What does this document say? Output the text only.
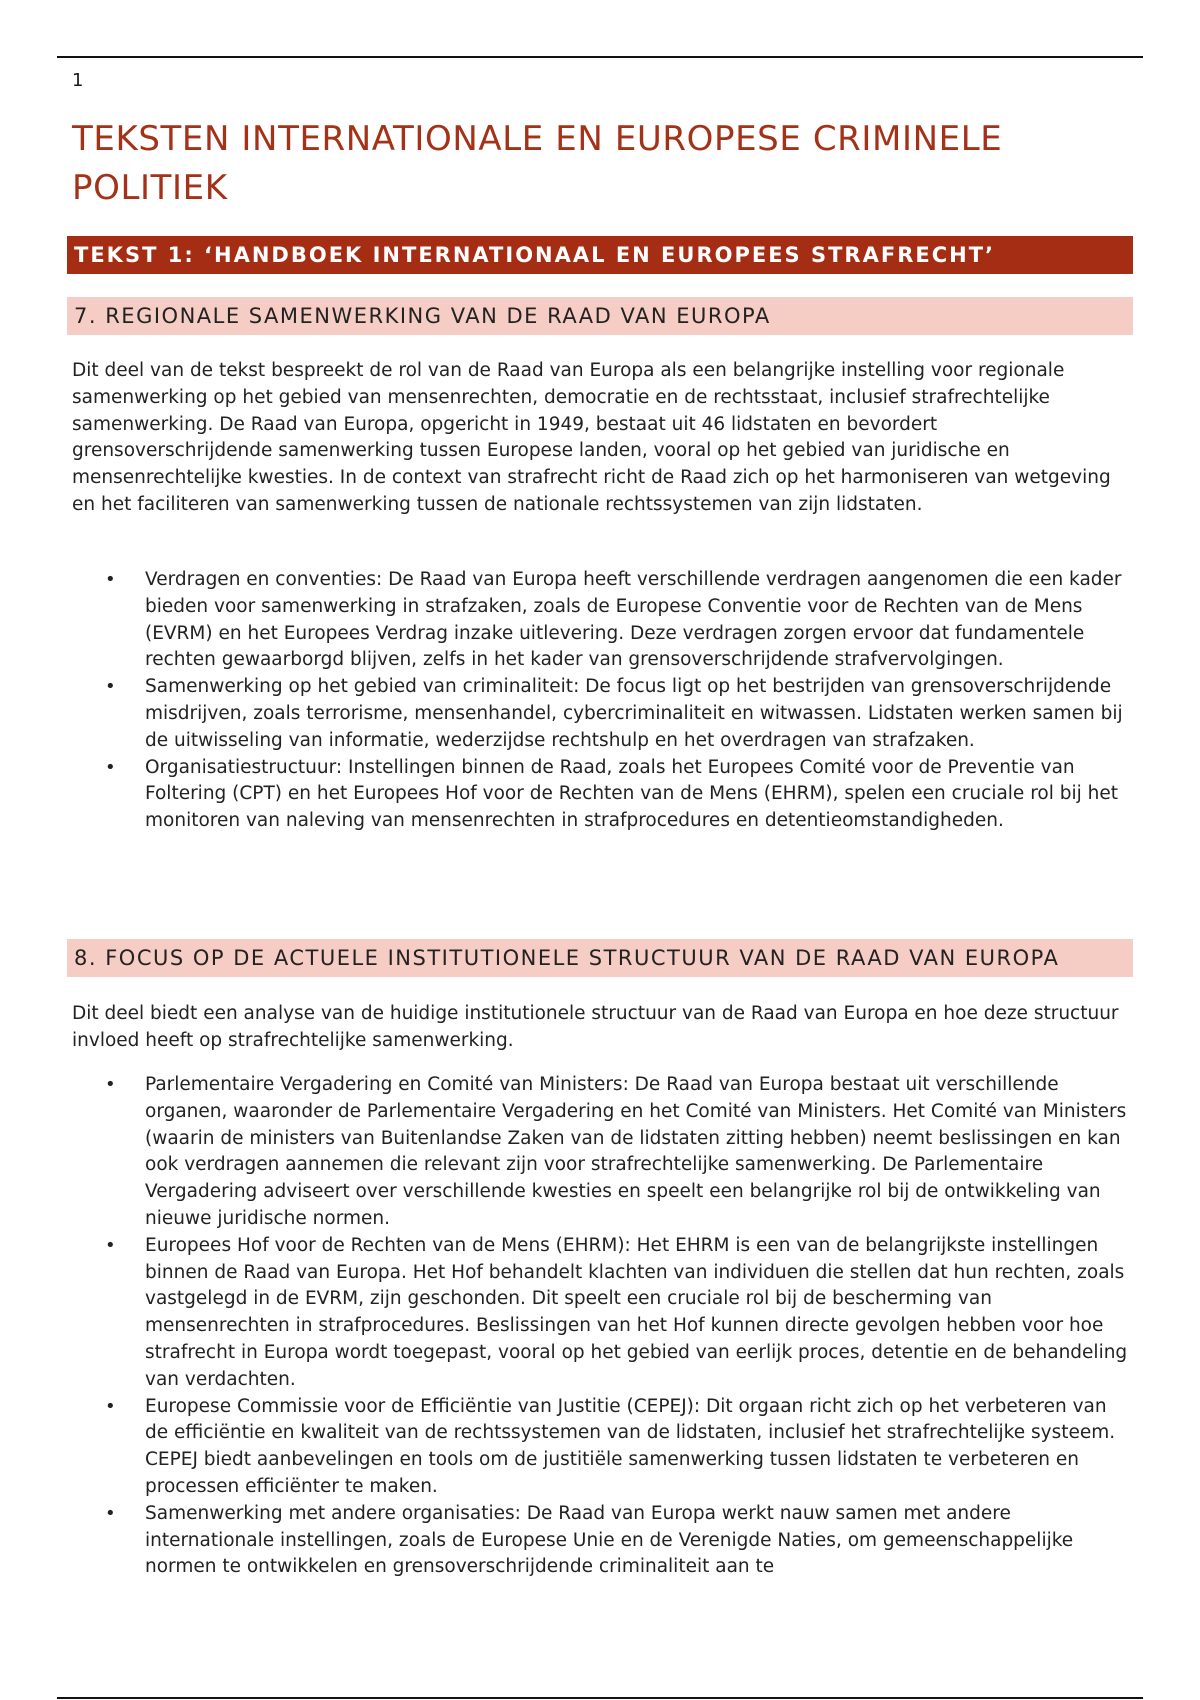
1
TEKSTEN INTERNATIONALE EN EUROPESE CRIMINELE POLITIEK
TEKST 1: ‘HANDBOEK INTERNATIONAAL EN EUROPEES STRAFRECHT’
7. REGIONALE SAMENWERKING VAN DE RAAD VAN EUROPA

Dit deel van de tekst bespreekt de rol van de Raad van Europa als een belangrijke instelling voor regionale samenwerking op het gebied van mensenrechten, democratie en de rechtsstaat, inclusief strafrechtelijke samenwerking. De Raad van Europa, opgericht in 1949, bestaat uit 46 lidstaten en bevordert grensoverschrijdende samenwerking tussen Europese landen, vooral op het gebied van juridische en mensenrechtelijke kwesties. In de context van strafrecht richt de Raad zich op het harmoniseren van wetgeving en het faciliteren van samenwerking tussen de nationale rechtssystemen van zijn lidstaten.

• Verdragen en conventies: De Raad van Europa heeft verschillende verdragen aangenomen die een kader bieden voor samenwerking in strafzaken, zoals de Europese Conventie voor de Rechten van de Mens (EVRM) en het Europees Verdrag inzake uitlevering. Deze verdragen zorgen ervoor dat fundamentele rechten gewaarborgd blijven, zelfs in het kader van grensoverschrijdende strafvervolgingen.
• Samenwerking op het gebied van criminaliteit: De focus ligt op het bestrijden van grensoverschrijdende misdrijven, zoals terrorisme, mensenhandel, cybercriminaliteit en witwassen. Lidstaten werken samen bij de uitwisseling van informatie, wederzijdse rechtshulp en het overdragen van strafzaken.
• Organisatiestructuur: Instellingen binnen de Raad, zoals het Europees Comité voor de Preventie van Foltering (CPT) en het Europees Hof voor de Rechten van de Mens (EHRM), spelen een cruciale rol bij het monitoren van naleving van mensenrechten in strafprocedures en detentieomstandigheden.
8. FOCUS OP DE ACTUELE INSTITUTIONELE STRUCTUUR VAN DE RAAD VAN EUROPA

Dit deel biedt een analyse van de huidige institutionele structuur van de Raad van Europa en hoe deze structuur invloed heeft op strafrechtelijke samenwerking.

• Parlementaire Vergadering en Comité van Ministers: De Raad van Europa bestaat uit verschillende organen, waaronder de Parlementaire Vergadering en het Comité van Ministers. Het Comité van Ministers (waarin de ministers van Buitenlandse Zaken van de lidstaten zitting hebben) neemt beslissingen en kan ook verdragen aannemen die relevant zijn voor strafrechtelijke samenwerking. De Parlementaire Vergadering adviseert over verschillende kwesties en speelt een belangrijke rol bij de ontwikkeling van nieuwe juridische normen.
• Europees Hof voor de Rechten van de Mens (EHRM): Het EHRM is een van de belangrijkste instellingen binnen de Raad van Europa. Het Hof behandelt klachten van individuen die stellen dat hun rechten, zoals vastgelegd in de EVRM, zijn geschonden. Dit speelt een cruciale rol bij de bescherming van mensenrechten in strafprocedures. Beslissingen van het Hof kunnen directe gevolgen hebben voor hoe strafrecht in Europa wordt toegepast, vooral op het gebied van eerlijk proces, detentie en de behandeling van verdachten.
• Europese Commissie voor de Efficiëntie van Justitie (CEPEJ): Dit orgaan richt zich op het verbeteren van de efficiëntie en kwaliteit van de rechtssystemen van de lidstaten, inclusief het strafrechtelijke systeem. CEPEJ biedt aanbevelingen en tools om de justitiële samenwerking tussen lidstaten te verbeteren en processen efficiënter te maken.
• Samenwerking met andere organisaties: De Raad van Europa werkt nauw samen met andere internationale instellingen, zoals de Europese Unie en de Verenigde Naties, om gemeenschappelijke normen te ontwikkelen en grensoverschrijdende criminaliteit aan te
